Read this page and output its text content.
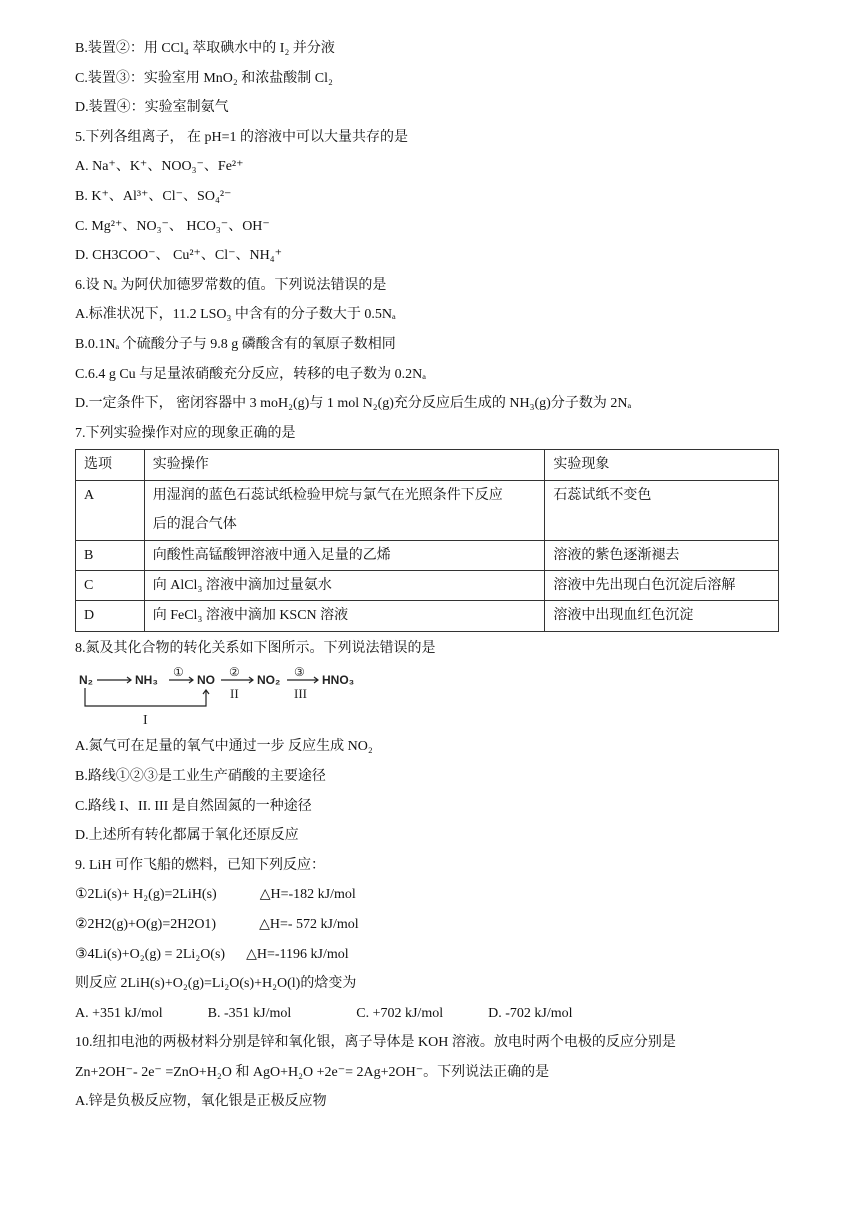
B.装置②：用 CCl₄ 萃取碘水中的 I₂ 并分液
C.装置③：实验室用 MnO₂ 和浓盐酸制 Cl₂
D.装置④：实验室制氨气
5.下列各组离子， 在 pH=1 的溶液中可以大量共存的是
A. Na⁺、K⁺、NOO₃⁻、Fe²⁺
B. K⁺、Al³⁺、Cl⁻、SO₄²⁻
C. Mg²⁺、NO₃⁻、 HCO₃⁻、OH⁻
D. CH3COO⁻、 Cu²⁺、Cl⁻、NH₄⁺
6.设 Nₐ 为阿伏加德罗常数的值。下列说法错误的是
A.标准状况下，11.2 LSO₃ 中含有的分子数大于 0.5Nₐ
B.0.1Nₐ 个硫酸分子与 9.8 g 磷酸含有的氧原子数相同
C.6.4 g Cu 与足量浓硝酸充分反应，转移的电子数为 0.2Nₐ
D.一定条件下， 密闭容器中 3 moH₂(g)与 1 mol N₂(g)充分反应后生成的 NH₃(g)分子数为 2Nₐ
7.下列实验操作对应的现象正确的是
选项	实验操作	实验现象
A	用湿润的蓝色石蕊试纸检验甲烷与氯气在光照条件下反应
后的混合气体	石蕊试纸不变色
B	向酸性高锰酸钾溶液中通入足量的乙烯	溶液的紫色逐渐褪去
C	向 AlCl₃ 溶液中滴加过量氨水	溶液中先出现白色沉淀后溶解
D	向 FeCl₃ 溶液中滴加 KSCN 溶液	溶液中出现血红色沉淀
8.氮及其化合物的转化关系如下图所示。下列说法错误的是
N₂	NH₃	NO	NO₂	HNO₃
①	②	③
I
II	III
A.氮气可在足量的氧气中通过一步 反应生成 NO₂
B.路线①②③是工业生产硝酸的主要途径
C.路线 I、II. III 是自然固氮的一种途径
D.上述所有转化都属于氧化还原反应
9. LiH 可作飞船的燃料，已知下列反应：
①2Li(s)+ H₂(g)=2LiH(s)	△H=-182 kJ/mol
②2H2(g)+O(g)=2H2O1)	△H=- 572 kJ/mol
③4Li(s)+O₂(g) = 2Li₂O(s) △H=-1196 kJ/mol
则反应 2LiH(s)+O₂(g)=Li₂O(s)+H₂O(l)的焓变为
A. +351 kJ/mol	B. -351 kJ/mol	C. +702 kJ/mol	D. -702 kJ/mol
10.纽扣电池的两极材料分别是锌和氧化银，离子导体是 KOH 溶液。放电时两个电极的反应分别是
Zn+2OH⁻- 2e⁻ =ZnO+H₂O 和 AgO+H₂O +2e⁻= 2Ag+2OH⁻。下列说法正确的是
A.锌是负极反应物，氧化银是正极反应物
